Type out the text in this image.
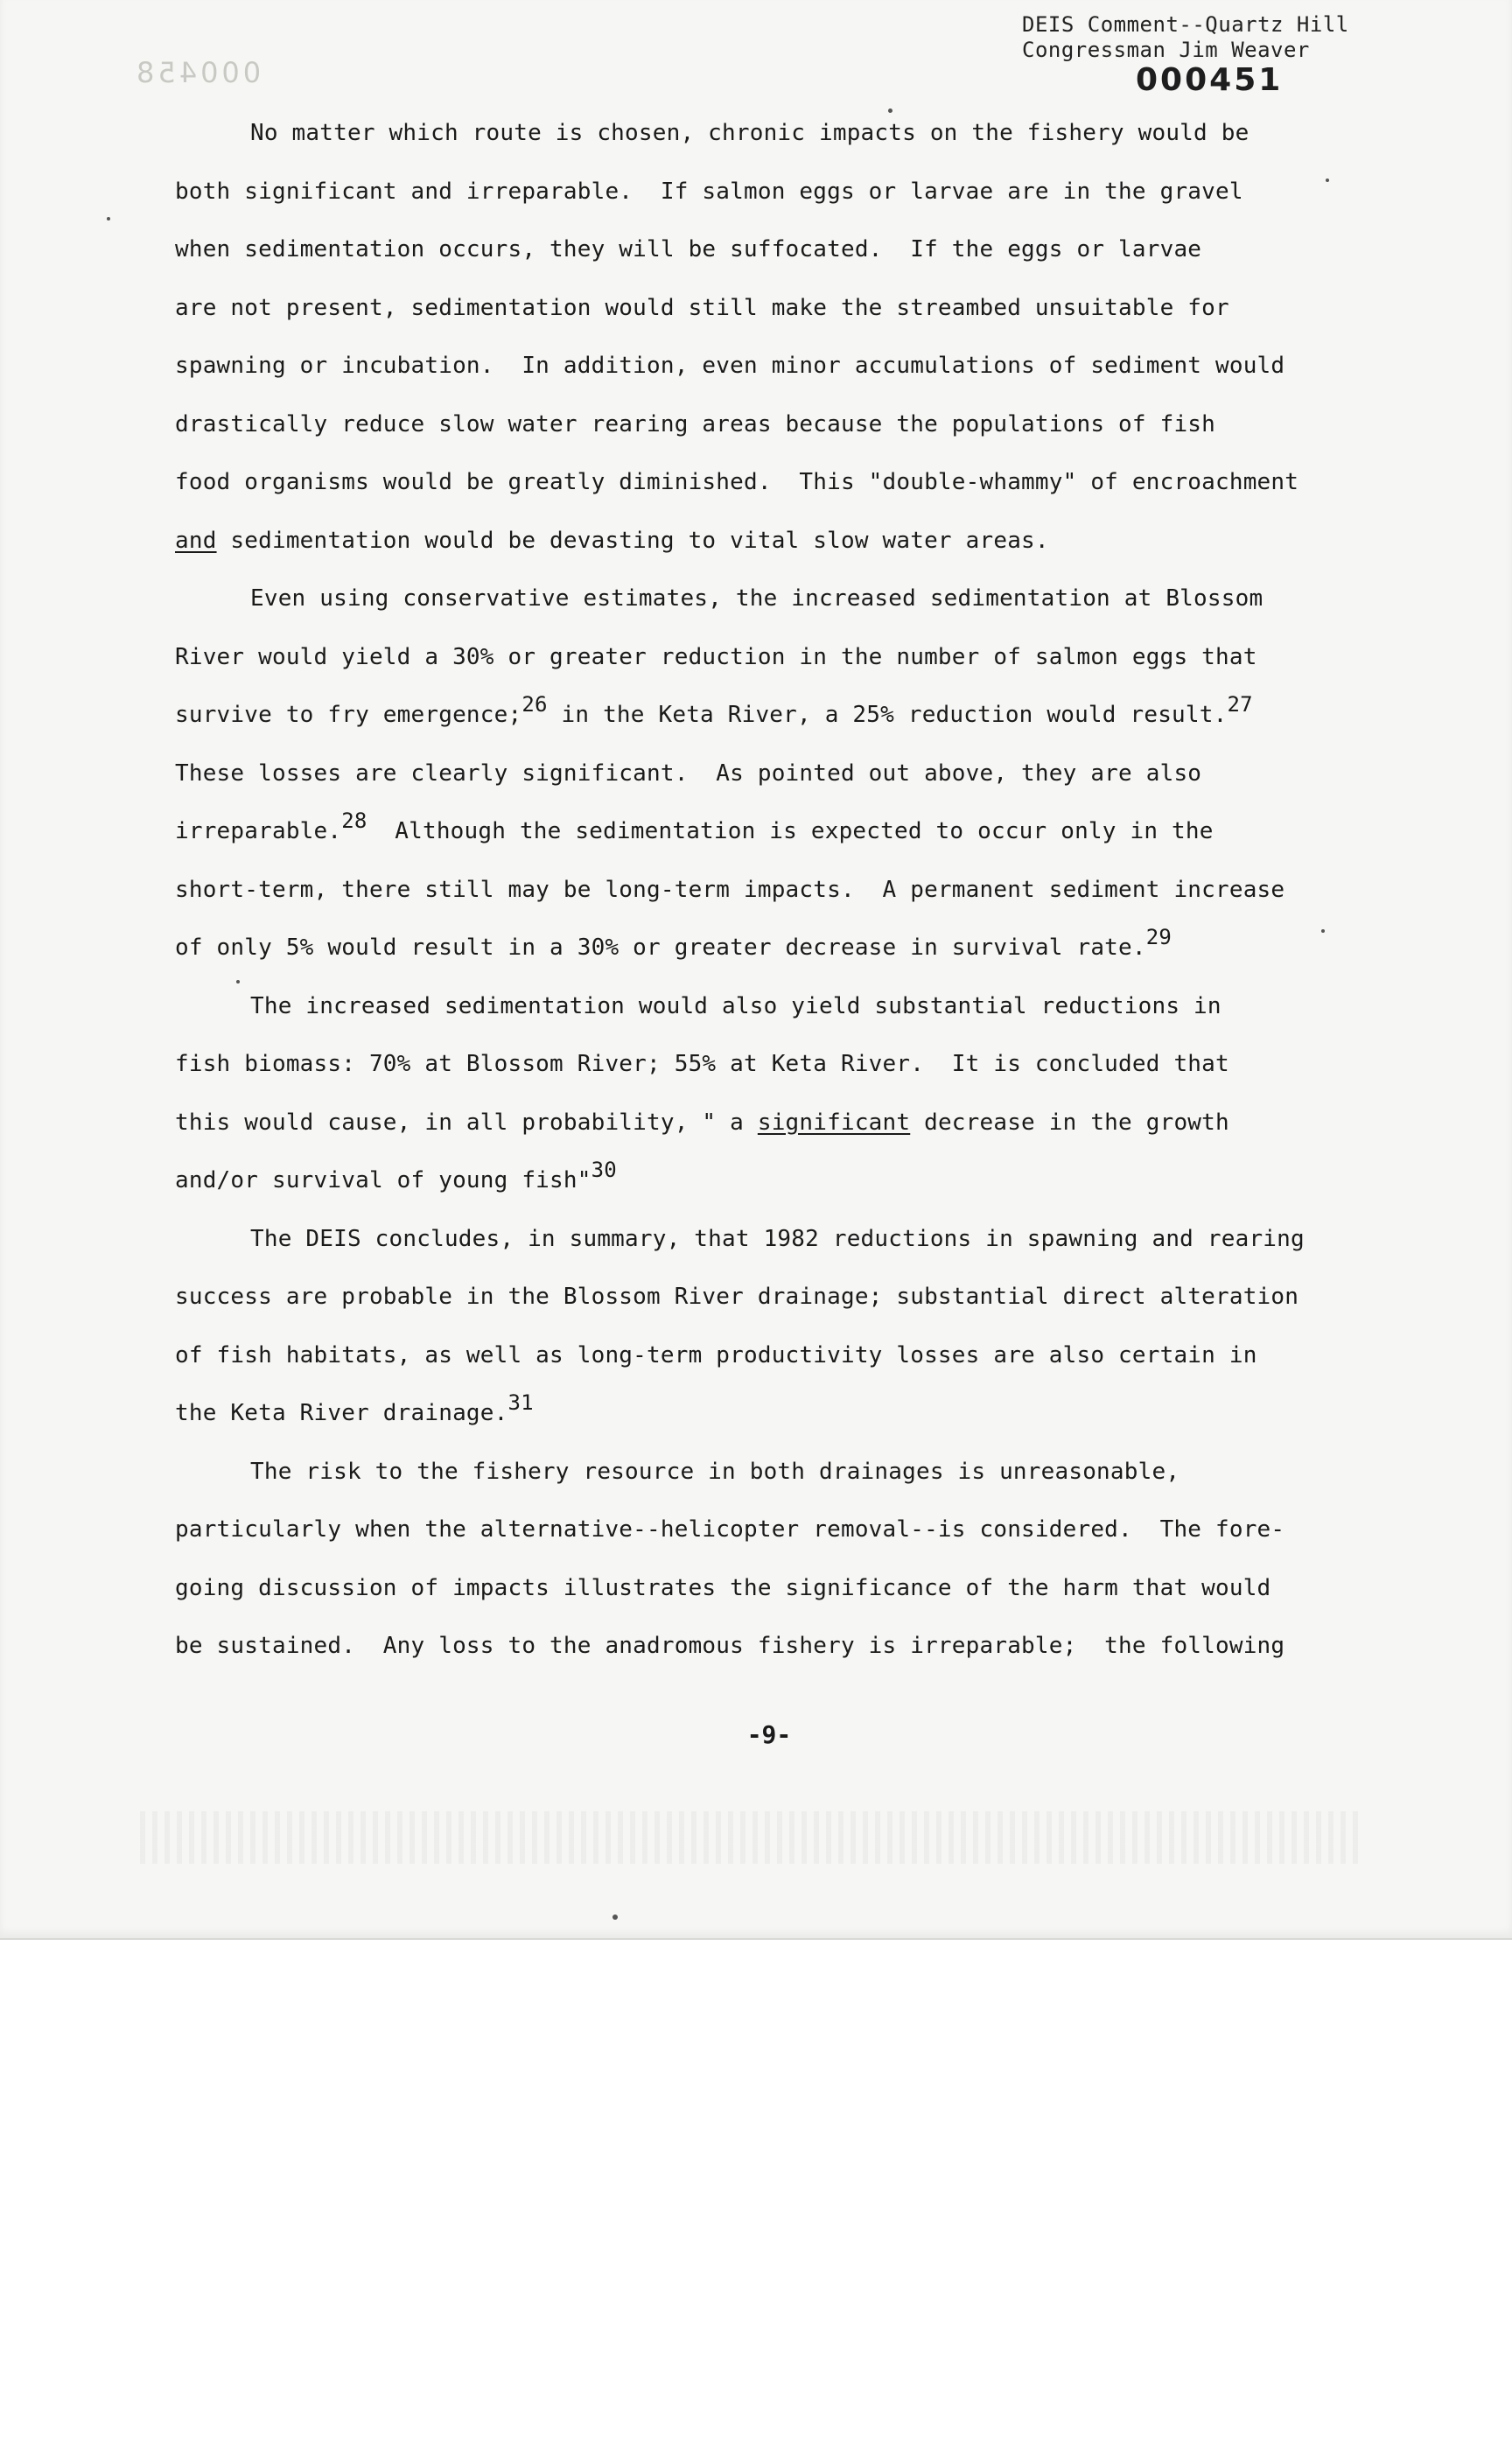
000458
DEIS Comment--Quartz Hill
Congressman Jim Weaver
000451
No matter which route is chosen, chronic impacts on the fishery would be
both significant and irreparable.  If salmon eggs or larvae are in the gravel
when sedimentation occurs, they will be suffocated.  If the eggs or larvae
are not present, sedimentation would still make the streambed unsuitable for
spawning or incubation.  In addition, even minor accumulations of sediment would
drastically reduce slow water rearing areas because the populations of fish
food organisms would be greatly diminished.  This "double-whammy" of encroachment
and sedimentation would be devasting to vital slow water areas.
Even using conservative estimates, the increased sedimentation at Blossom
River would yield a 30% or greater reduction in the number of salmon eggs that
survive to fry emergence;$^{26}$ in the Keta River, a 25% reduction would result.$^{27}$
These losses are clearly significant.  As pointed out above, they are also
irreparable.$^{28}$  Although the sedimentation is expected to occur only in the
short-term, there still may be long-term impacts.  A permanent sediment increase
of only 5% would result in a 30% or greater decrease in survival rate.$^{29}$
The increased sedimentation would also yield substantial reductions in
fish biomass: 70% at Blossom River; 55% at Keta River.  It is concluded that
this would cause, in all probability, " a significant decrease in the growth
and/or survival of young fish"$^{30}$
The DEIS concludes, in summary, that 1982 reductions in spawning and rearing
success are probable in the Blossom River drainage; substantial direct alteration
of fish habitats, as well as long-term productivity losses are also certain in
the Keta River drainage.$^{31}$
The risk to the fishery resource in both drainages is unreasonable,
particularly when the alternative--helicopter removal--is considered.  The fore-
going discussion of impacts illustrates the significance of the harm that would
be sustained.  Any loss to the anadromous fishery is irreparable;  the following
-9-
